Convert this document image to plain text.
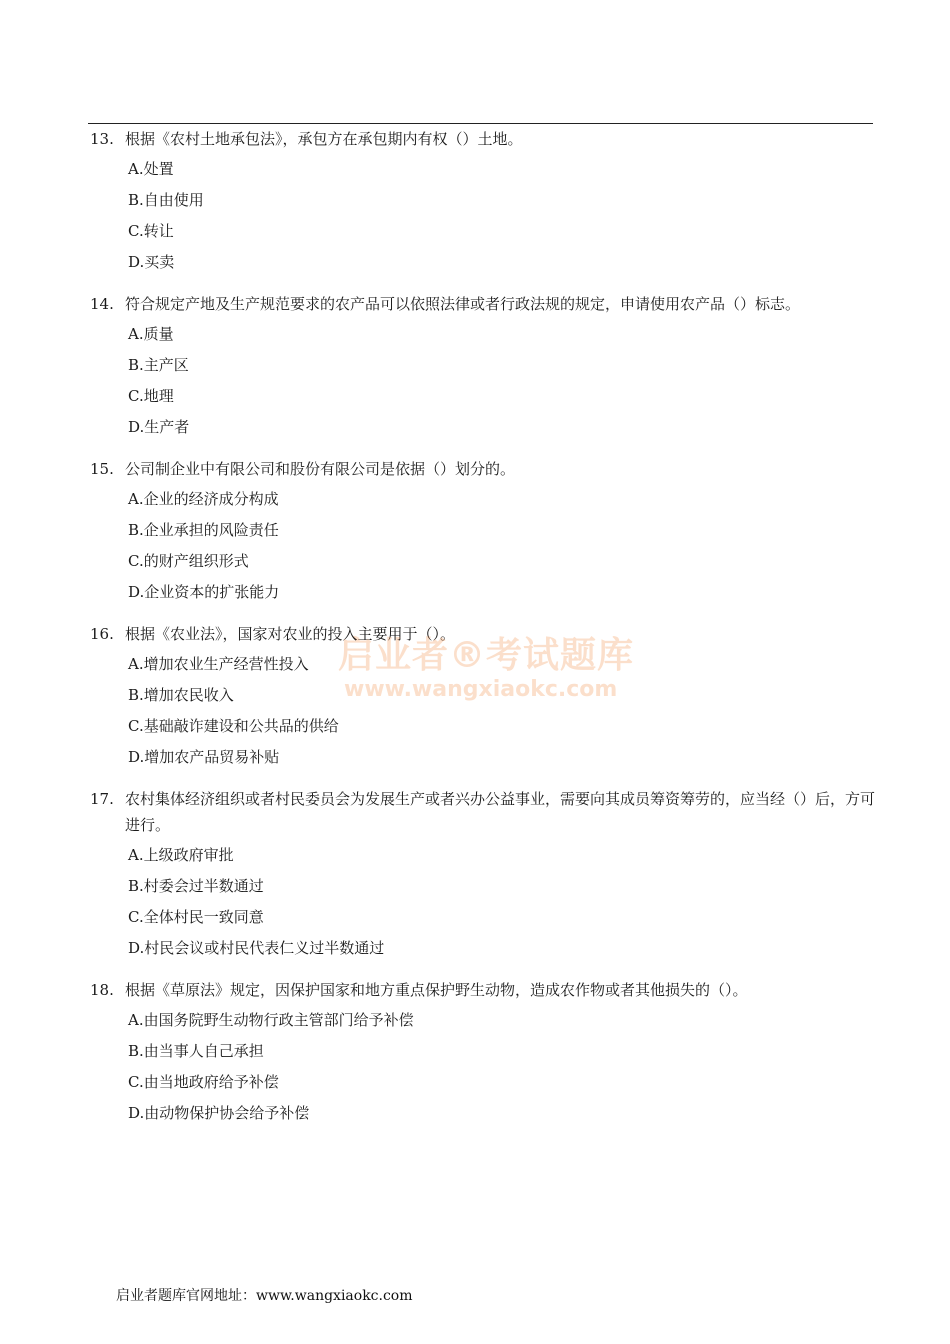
13. 根据《农村土地承包法》，承包方在承包期内有权（）土地。
A.处置
B.自由使用
C.转让
D.买卖
14. 符合规定产地及生产规范要求的农产品可以依照法律或者行政法规的规定，申请使用农产品（）标志。
A.质量
B.主产区
C.地理
D.生产者
15. 公司制企业中有限公司和股份有限公司是依据（）划分的。
A.企业的经济成分构成
B.企业承担的风险责任
C.的财产组织形式
D.企业资本的扩张能力
16. 根据《农业法》，国家对农业的投入主要用于（）。
A.增加农业生产经营性投入
B.增加农民收入
C.基础敲诈建设和公共品的供给
D.增加农产品贸易补贴
17. 农村集体经济组织或者村民委员会为发展生产或者兴办公益事业，需要向其成员筹资筹劳的，应当经（）后，方可进行。
A.上级政府审批
B.村委会过半数通过
C.全体村民一致同意
D.村民会议或村民代表仁义过半数通过
18. 根据《草原法》规定，因保护国家和地方重点保护野生动物，造成农作物或者其他损失的（）。
A.由国务院野生动物行政主管部门给予补偿
B.由当事人自己承担
C.由当地政府给予补偿
D.由动物保护协会给予补偿
启业者®考试题库
www.wangxiaokc.com
启业者题库官网地址：www.wangxiaokc.com
